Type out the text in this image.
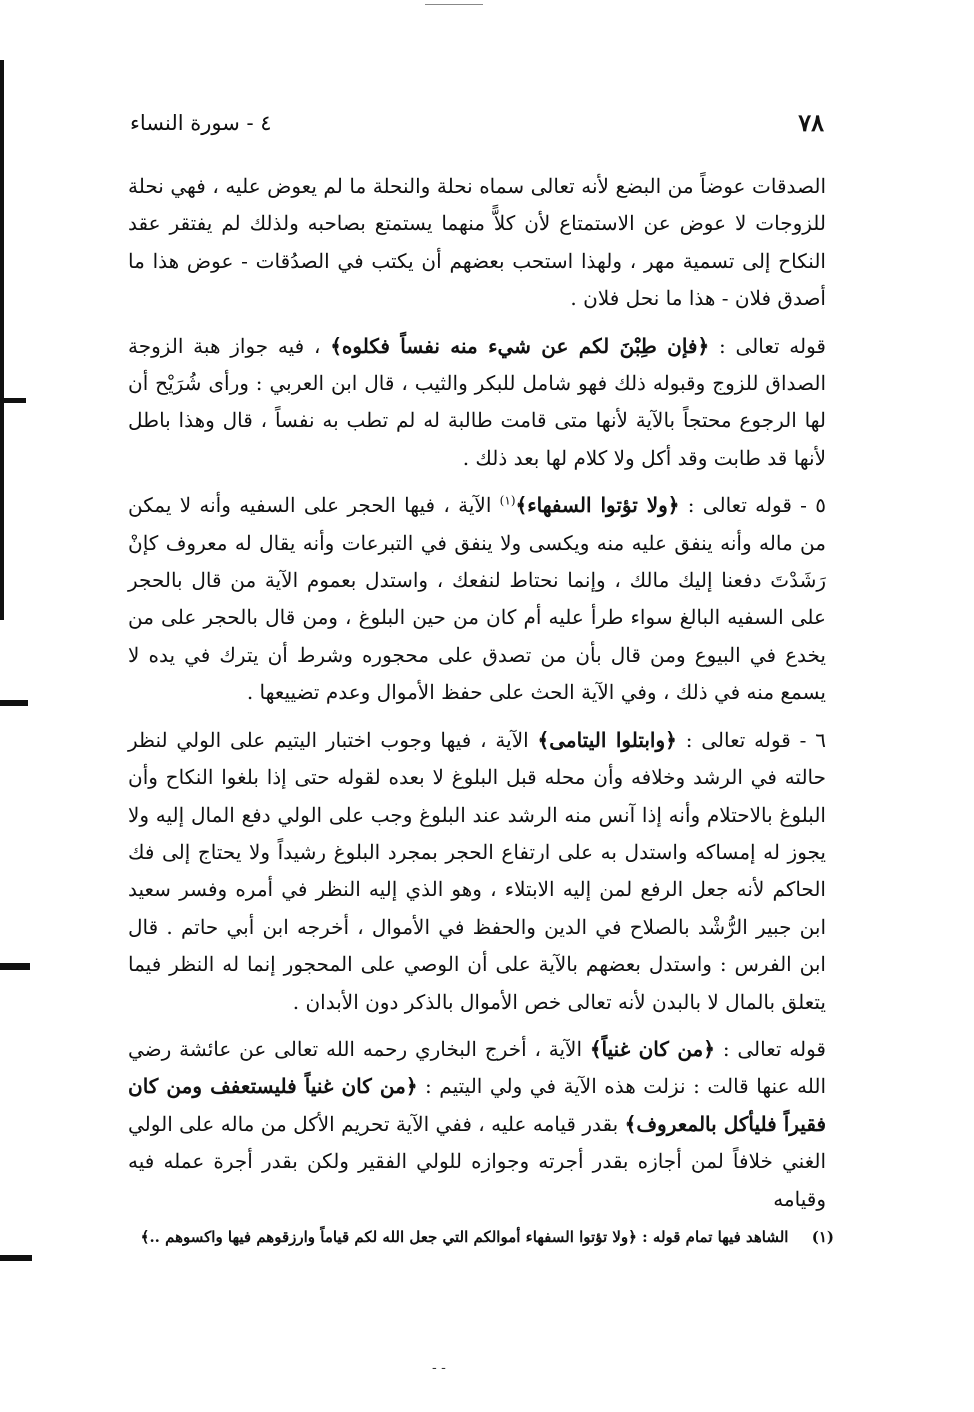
٤ - سورة النساء	٧٨

الصدقات عوضاً من البضع لأنه تعالى سماه نحلة والنحلة ما لم يعوض عليه ، فهي نحلة للزوجات لا عوض عن الاستمتاع لأن كلاًّ منهما يستمتع بصاحبه ولذلك لم يفتقر عقد النكاح إلى تسمية مهر ، ولهذا استحب بعضهم أن يكتب في الصدُقات - عوض هذا ما أصدق فلان - هذا ما نحل فلان .

قوله تعالى : ﴿فإن طِبْنَ لكم عن شيء منه نفساً فكلوه﴾ ، فيه جواز هبة الزوجة الصداق للزوج وقبوله ذلك فهو شامل للبكر والثيب ، قال ابن العربي : ورأى شُرَيْح أن لها الرجوع محتجاً بالآية لأنها متى قامت طالبة له لم تطب به نفساً ، قال وهذا باطل لأنها قد طابت وقد أكل ولا كلام لها بعد ذلك .

٥ - قوله تعالى : ﴿ولا تؤتوا السفهاء﴾$^{(١)}$ الآية ، فيها الحجر على السفيه وأنه لا يمكن من ماله وأنه ينفق عليه منه ويكسى ولا ينفق في التبرعات وأنه يقال له معروف كإنْ رَشَدْتَ دفعنا إليك مالك ، وإنما نحتاط لنفعك ، واستدل بعموم الآية من قال بالحجر على السفيه البالغ سواء طرأ عليه أم كان من حين البلوغ ، ومن قال بالحجر على من يخدع في البيوع ومن قال بأن من تصدق على محجوره وشرط أن يترك في يده لا يسمع منه في ذلك ، وفي الآية الحث على حفظ الأموال وعدم تضييعها .

٦ - قوله تعالى : ﴿وابتلوا اليتامى﴾ الآية ، فيها وجوب اختبار اليتيم على الولي لنظر حالته في الرشد وخلافه وأن محله قبل البلوغ لا بعده لقوله حتى إذا بلغوا النكاح وأن البلوغ بالاحتلام وأنه إذا آنس منه الرشد عند البلوغ وجب على الولي دفع المال إليه ولا يجوز له إمساكه واستدل به على ارتفاع الحجر بمجرد البلوغ رشيداً ولا يحتاج إلى فك الحاكم لأنه جعل الرفع لمن إليه الابتلاء ، وهو الذي إليه النظر في أمره وفسر سعيد ابن جبير الرُّشْد بالصلاح في الدين والحفظ في الأموال ، أخرجه ابن أبي حاتم . قال ابن الفرس : واستدل بعضهم بالآية على أن الوصي على المحجور إنما له النظر فيما يتعلق بالمال لا بالبدن لأنه تعالى خص الأموال بالذكر دون الأبدان .

قوله تعالى : ﴿من كان غنياً﴾ الآية ، أخرج البخاري رحمه الله تعالى عن عائشة رضي الله عنها قالت : نزلت هذه الآية في ولي اليتيم : ﴿من كان غنياً فليستعفف ومن كان فقيراً فليأكل بالمعروف﴾ بقدر قيامه عليه ، ففي الآية تحريم الأكل من ماله على الولي الغني خلافاً لمن أجازه بقدر أجرته وجوازه للولي الفقير ولكن بقدر أجرة عمله فيه وقيامه

(١) الشاهد فيها تمام قوله : ﴿ولا تؤتوا السفهاء أموالكم التي جعل الله لكم قياماً وارزقوهم فيها واكسوهم ..﴾
- -
